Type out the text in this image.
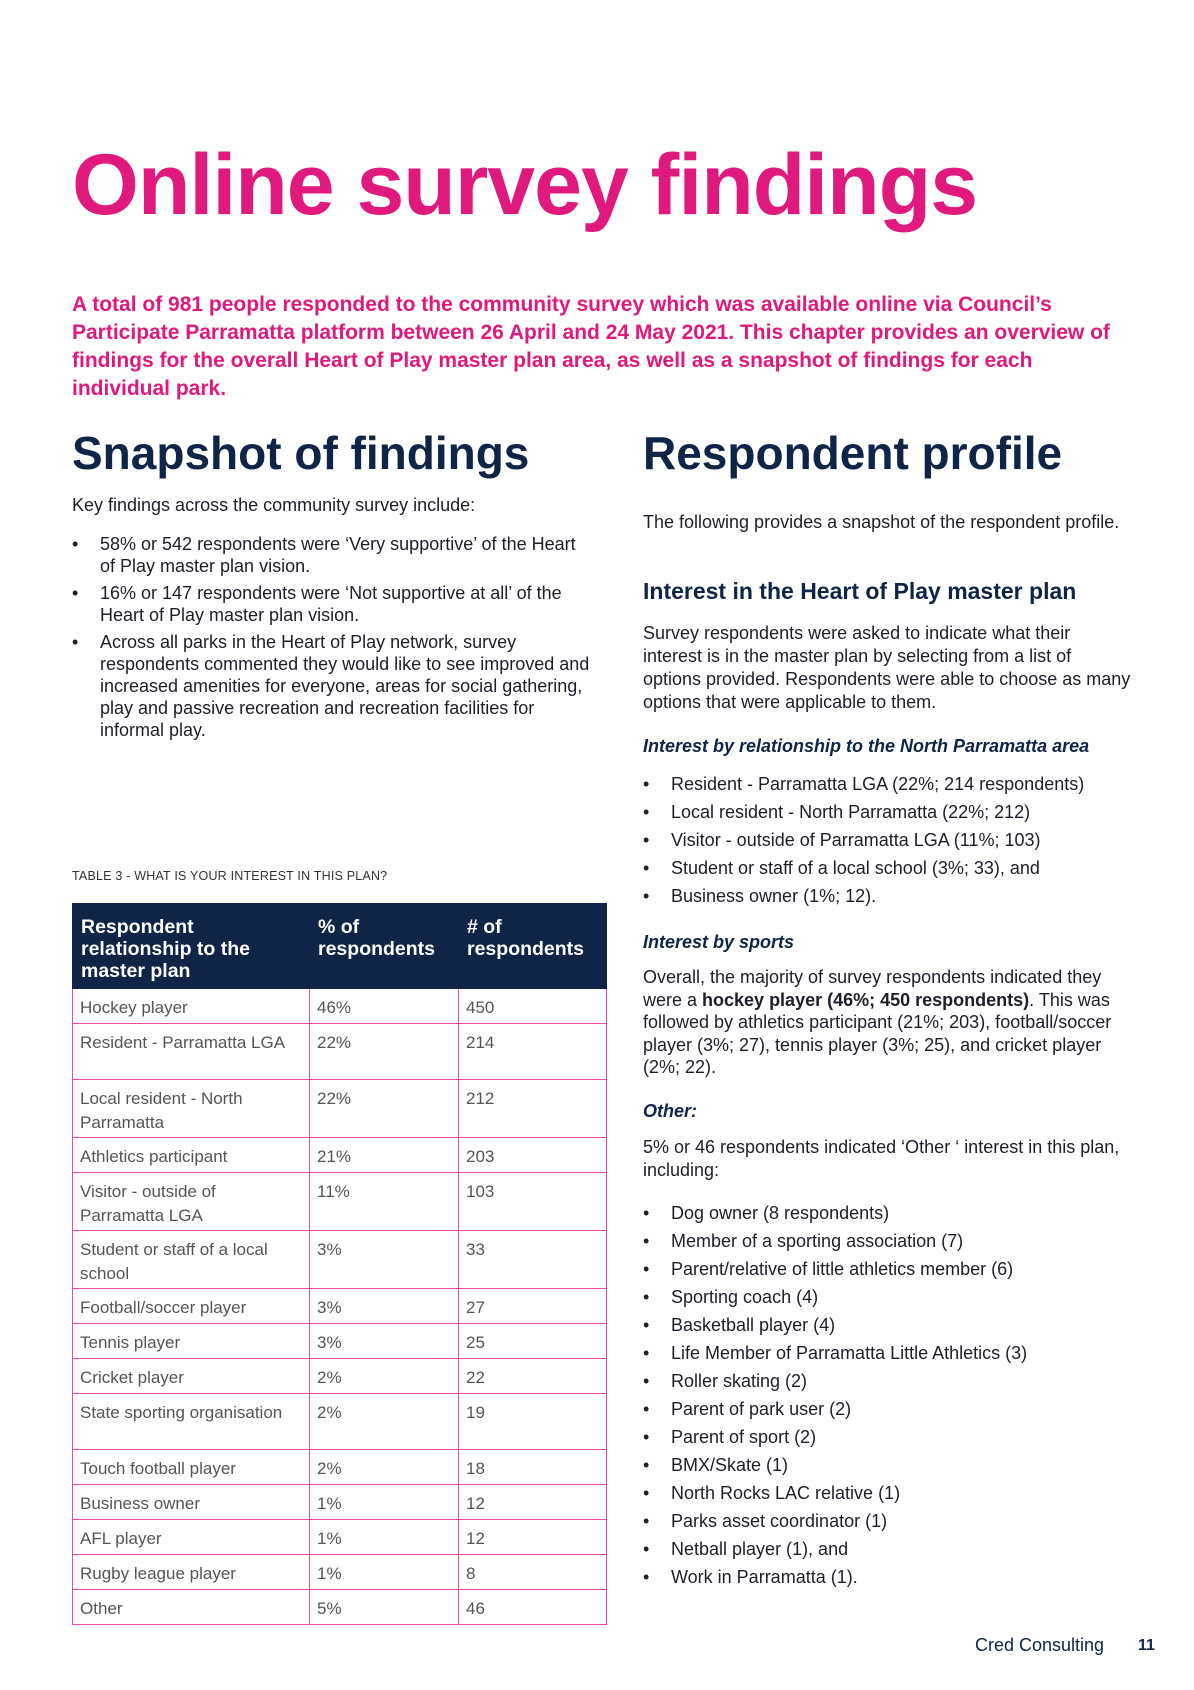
Online survey findings

A total of 981 people responded to the community survey which was available online via Council’s Participate Parramatta platform between 26 April and 24 May 2021. This chapter provides an overview of findings for the overall Heart of Play master plan area, as well as a snapshot of findings for each individual park.

Snapshot of findings

Key findings across the community survey include:

• 58% or 542 respondents were ‘Very supportive’ of the Heart of Play master plan vision.
• 16% or 147 respondents were ‘Not supportive at all’ of the Heart of Play master plan vision.
• Across all parks in the Heart of Play network, survey respondents commented they would like to see improved and increased amenities for everyone, areas for social gathering, play and passive recreation and recreation facilities for informal play.

TABLE 3 - WHAT IS YOUR INTEREST IN THIS PLAN?

Respondent relationship to the master plan	% of respondents	# of respondents
Hockey player	46%	450
Resident - Parramatta LGA	22%	214
Local resident - North Parramatta	22%	212
Athletics participant	21%	203
Visitor - outside of Parramatta LGA	11%	103
Student or staff of a local school	3%	33
Football/soccer player	3%	27
Tennis player	3%	25
Cricket player	2%	22
State sporting organisation	2%	19
Touch football player	2%	18
Business owner	1%	12
AFL player	1%	12
Rugby league player	1%	8
Other	5%	46
Respondent profile

The following provides a snapshot of the respondent profile.

Interest in the Heart of Play master plan

Survey respondents were asked to indicate what their interest is in the master plan by selecting from a list of options provided. Respondents were able to choose as many options that were applicable to them.

Interest by relationship to the North Parramatta area
• Resident - Parramatta LGA (22%; 214 respondents)
• Local resident - North Parramatta (22%; 212)
• Visitor - outside of Parramatta LGA (11%; 103)
• Student or staff of a local school (3%; 33), and
• Business owner (1%; 12).
Interest by sports

Overall, the majority of survey respondents indicated they were a hockey player (46%; 450 respondents). This was followed by athletics participant (21%; 203), football/soccer player (3%; 27), tennis player (3%; 25), and cricket player (2%; 22).

Other:

5% or 46 respondents indicated ‘Other ‘ interest in this plan, including:

• Dog owner (8 respondents)
• Member of a sporting association (7)
• Parent/relative of little athletics member (6)
• Sporting coach (4)
• Basketball player (4)
• Life Member of Parramatta Little Athletics (3)
• Roller skating (2)
• Parent of park user (2)
• Parent of sport (2)
• BMX/Skate (1)
• North Rocks LAC relative (1)
• Parks asset coordinator (1)
• Netball player (1), and
• Work in Parramatta (1).

Cred Consulting 11
